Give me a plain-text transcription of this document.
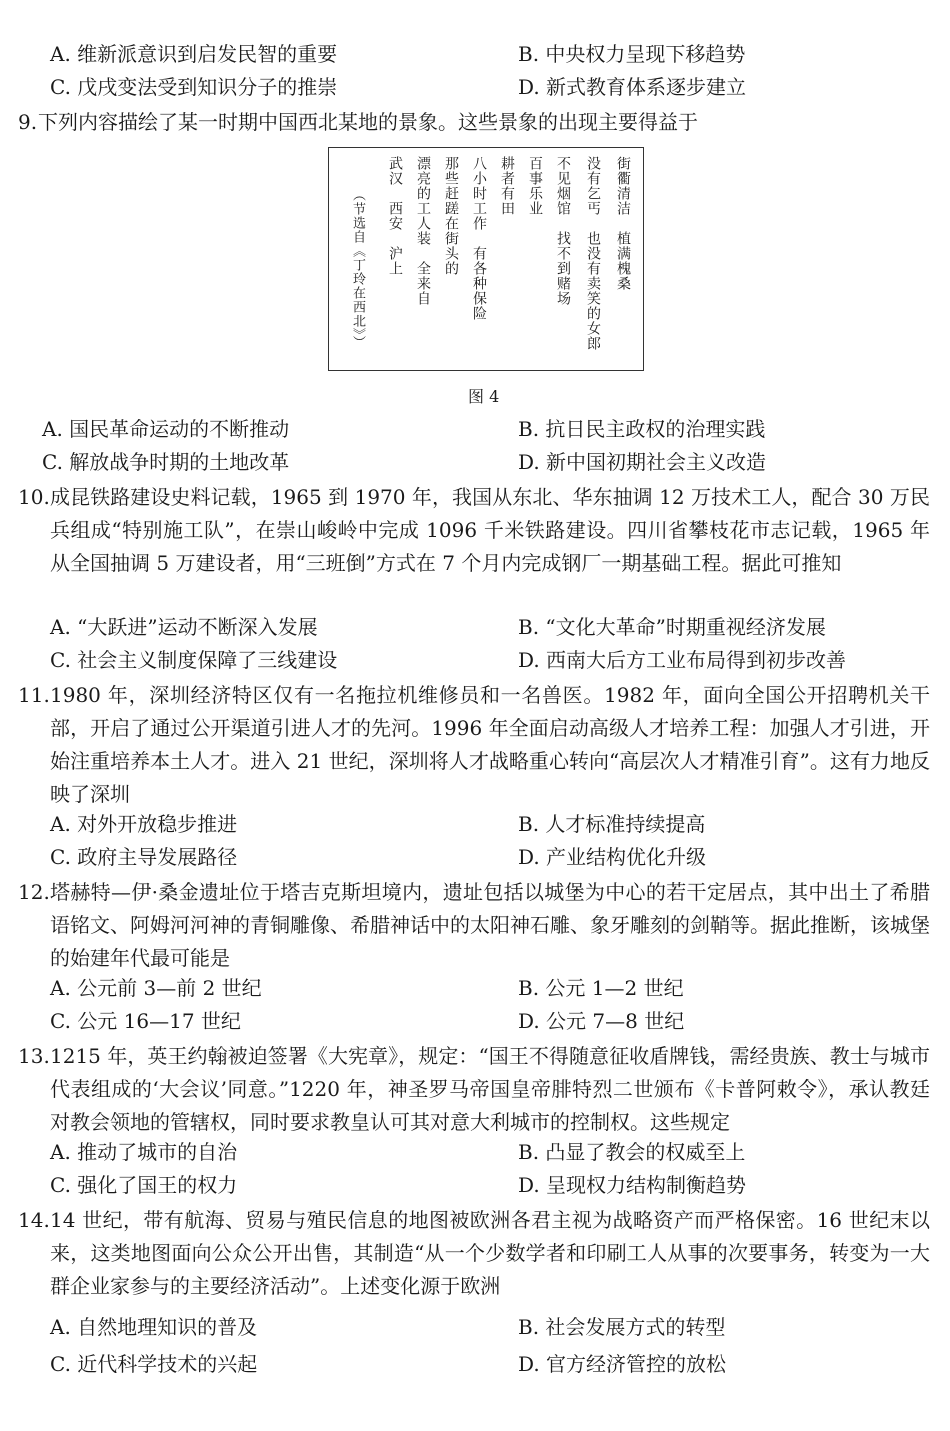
A. 维新派意识到启发民智的重要	B. 中央权力呈现下移趋势
C. 戊戌变法受到知识分子的推崇	D. 新式教育体系逐步建立
9. 下列内容描绘了某一时期中国西北某地的景象。这些景象的出现主要得益于
街衢清洁　植满槐桑
没有乞丐　也没有卖笑的女郎
不见烟馆　找不到赌场
百事乐业
耕者有田
八小时工作　有各种保险
那些赶蹉在街头的
漂亮的工人装　全来自
武汉　西安　沪上
（节选自《丁玲在西北》）
图 4
A. 国民革命运动的不断推动	B. 抗日民主政权的治理实践
C. 解放战争时期的土地改革	D. 新中国初期社会主义改造
10. 成昆铁路建设史料记载，1965 到 1970 年，我国从东北、华东抽调 12 万技术工人，配合 30 万民兵组成“特别施工队”，在崇山峻岭中完成 1096 千米铁路建设。四川省攀枝花市志记载，1965 年从全国抽调 5 万建设者，用“三班倒”方式在 7 个月内完成钢厂一期基础工程。据此可推知
A. “大跃进”运动不断深入发展	B. “文化大革命”时期重视经济发展
C. 社会主义制度保障了三线建设	D. 西南大后方工业布局得到初步改善
11. 1980 年，深圳经济特区仅有一名拖拉机维修员和一名兽医。1982 年，面向全国公开招聘机关干部，开启了通过公开渠道引进人才的先河。1996 年全面启动高级人才培养工程：加强人才引进，开始注重培养本土人才。进入 21 世纪，深圳将人才战略重心转向“高层次人才精准引育”。这有力地反映了深圳
A. 对外开放稳步推进	B. 人才标准持续提高
C. 政府主导发展路径	D. 产业结构优化升级
12. 塔赫特—伊·桑金遗址位于塔吉克斯坦境内，遗址包括以城堡为中心的若干定居点，其中出土了希腊语铭文、阿姆河河神的青铜雕像、希腊神话中的太阳神石雕、象牙雕刻的剑鞘等。据此推断，该城堡的始建年代最可能是
A. 公元前 3—前 2 世纪	B. 公元 1—2 世纪
C. 公元 16—17 世纪	D. 公元 7—8 世纪
13. 1215 年，英王约翰被迫签署《大宪章》，规定：“国王不得随意征收盾牌钱，需经贵族、教士与城市代表组成的‘大会议’同意。”1220 年，神圣罗马帝国皇帝腓特烈二世颁布《卡普阿敕令》，承认教廷对教会领地的管辖权，同时要求教皇认可其对意大利城市的控制权。这些规定
A. 推动了城市的自治	B. 凸显了教会的权威至上
C. 强化了国王的权力	D. 呈现权力结构制衡趋势
14. 14 世纪，带有航海、贸易与殖民信息的地图被欧洲各君主视为战略资产而严格保密。16 世纪末以来，这类地图面向公众公开出售，其制造“从一个少数学者和印刷工人从事的次要事务，转变为一大群企业家参与的主要经济活动”。上述变化源于欧洲
A. 自然地理知识的普及	B. 社会发展方式的转型
C. 近代科学技术的兴起	D. 官方经济管控的放松
